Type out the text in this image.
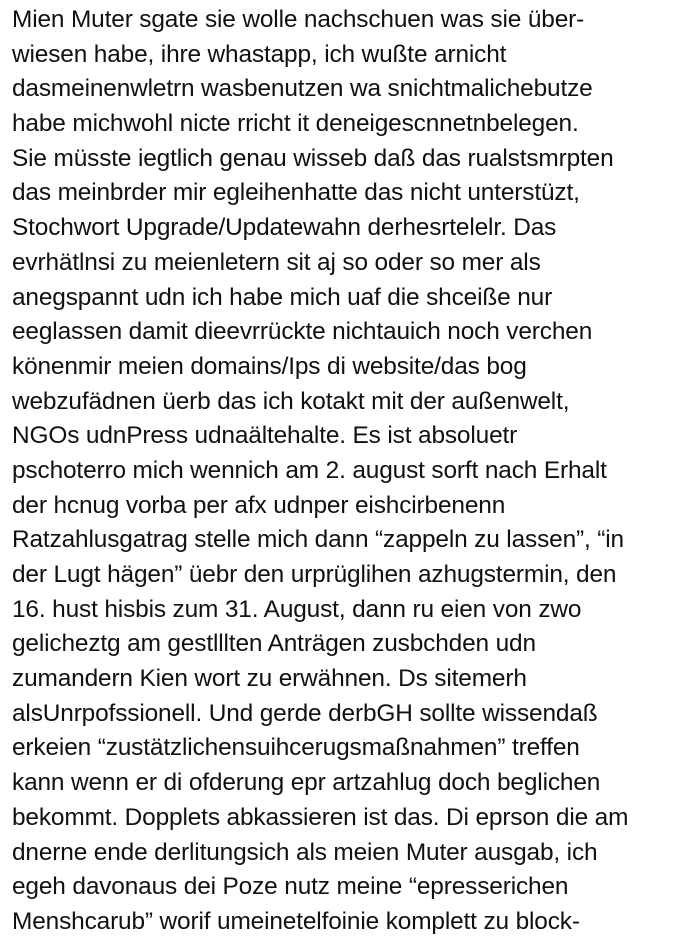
Mien Muter sgate sie wolle nachschuen was sie über-
wiesen habe, ihre whastapp, ich wußte arnicht
dasmeinenwletrn wasbenutzen wa snichtmalichebutze
habe michwohl nicte rricht it deneigescnnetnbelegen.
Sie müsste iegtlich genau wisseb daß das rualstsmrpten
das meinbrder mir egleihenhatte das nicht unterstüzt,
Stochwort Upgrade/Updatewahn derhesrtelelr. Das
evrhätlnsi zu meienletern sit aj so oder so mer als
anegspannt udn ich habe mich uaf die shceiße nur
eeglassen damit dieevrrückte nichtauich noch verchen
könenmir meien domains/Ips di website/das bog
webzufädnen üerb das ich kotakt mit der außenwelt,
NGOs udnPress udnaältehalte. Es ist absoluetr
pschoterro mich wennich am 2. august sorft nach Erhalt
der hcnug vorba per afx udnper eishcirbenenn
Ratzahlusgatrag stelle mich dann “zappeln zu lassen”, “in
der Lugt hägen” üebr den urprüglihen azhugstermin, den
16. hust hisbis zum 31. August, dann ru eien von zwo
gelicheztg am gestlllten Anträgen zusbchden udn
zumandern Kien wort zu erwähnen. Ds sitemerh
alsUnrpofssionell. Und gerde derbGH sollte wissendaß
erkeien “zustätzlichensuihcerugsmaßnahmen” treffen
kann wenn er di ofderung epr artzahlug doch beglichen
bekommt. Dopplets abkassieren ist das. Di eprson die am
dnerne ende derlitungsich als meien Muter ausgab, ich
egeh davonaus dei Poze nutz meine “epresserichen
Menshcarub” worif umeinetelfoinie komplett zu block-
